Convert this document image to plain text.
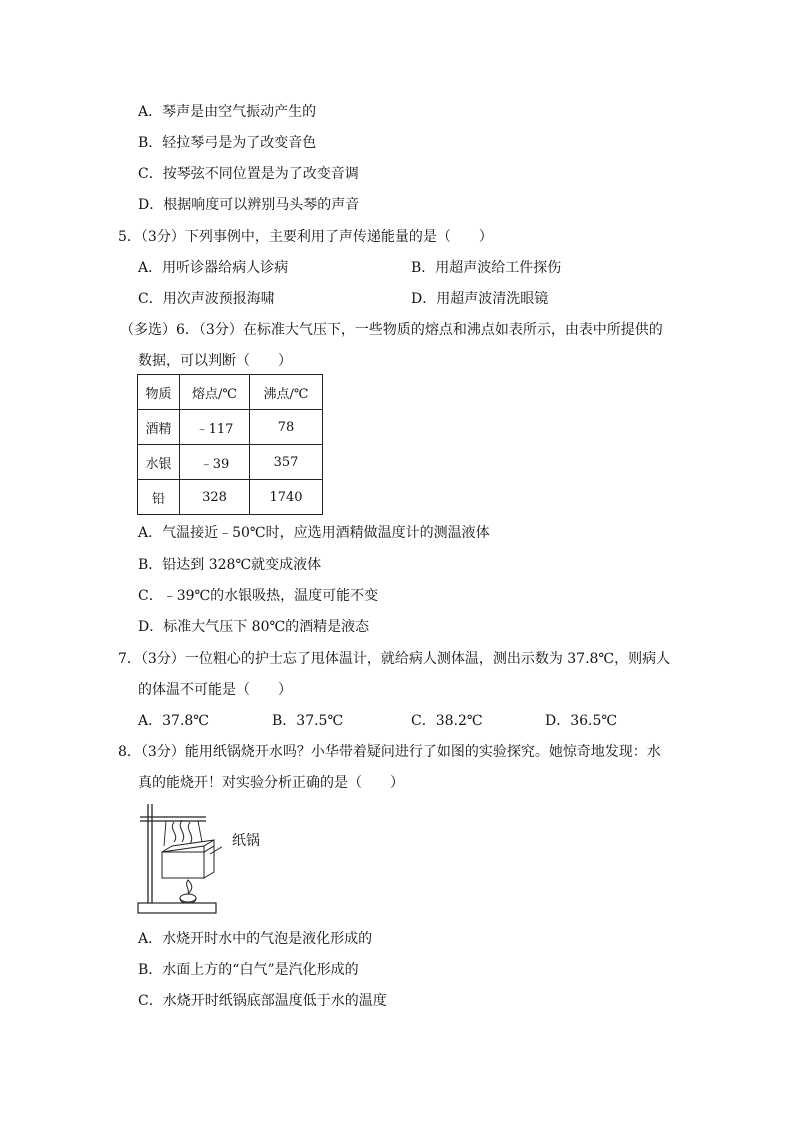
A．琴声是由空气振动产生的
B．轻拉琴弓是为了改变音色
C．按琴弦不同位置是为了改变音调
D．根据响度可以辨别马头琴的声音
5．（3分）下列事例中，主要利用了声传递能量的是（　　）
A．用听诊器给病人诊病	B．用超声波给工件探伤
C．用次声波预报海啸	D．用超声波清洗眼镜
（多选）6．（3分）在标准大气压下，一些物质的熔点和沸点如表所示，由表中所提供的
数据，可以判断（　　）
物质	熔点/℃	沸点/℃
酒精	﹣117	78
水银	﹣39	357
铅	328	1740
A．气温接近﹣50℃时，应选用酒精做温度计的测温液体
B．铅达到 328℃就变成液体
C．﹣39℃的水银吸热，温度可能不变
D．标准大气压下 80℃的酒精是液态
7．（3分）一位粗心的护士忘了甩体温计，就给病人测体温，测出示数为 37.8℃，则病人
的体温不可能是（　　）
A．37.8℃	B．37.5℃	C．38.2℃	D．36.5℃
8．（3分）能用纸锅烧开水吗？小华带着疑问进行了如图的实验探究。她惊奇地发现：水
真的能烧开！对实验分析正确的是（　　）
纸锅
A．水烧开时水中的气泡是液化形成的
B．水面上方的“白气”是汽化形成的
C．水烧开时纸锅底部温度低于水的温度
